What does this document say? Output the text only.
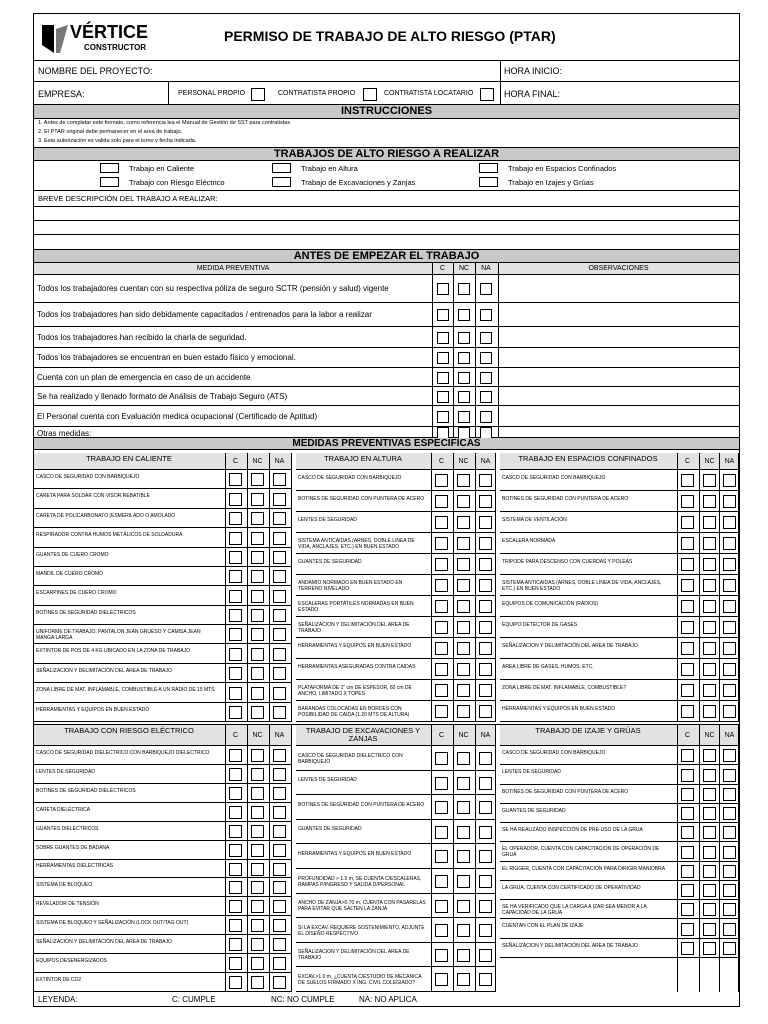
VÉRTICE
CONSTRUCTOR
PERMISO DE TRABAJO DE ALTO RIESGO (PTAR)
NOMBRE DEL PROYECTO:	HORA INICIO:
EMPRESA:	PERSONAL PROPIO	CONTRATISTA PROPIO	CONTRATISTA LOCATARIO	HORA FINAL:
INSTRUCCIONES
1. Antes de completar este formato, como referencia lea el Manual de Gestión de SST para contratistas
2. El PTAR original debe permanecer en el area de trabajo.
3. Esta autorización es valida solo para el turno y fecha indicada.
TRABAJOS DE ALTO RIESGO A REALIZAR
Trabajo en Caliente	Trabajo en Altura	Trabajo en Espacios Confinados
Trabajo con Riesgo Eléctrico	Trabajo de Excavaciones y Zanjas	Trabajo en Izajes y Grúas
BREVE DESCRIPCIÓN DEL TRABAJO A REALIZAR:
ANTES DE EMPEZAR EL TRABAJO
MEDIDA PREVENTIVA	C	NC	NA	OBSERVACIONES
Todos los trabajadores cuentan con su respectiva póliza de seguro SCTR (pensión y salud) vigente
Todos los trabajadores han sido debidamente capacitados / entrenados para la labor a realizar
Todos los trabajadores han recibido la charla de seguridad.
Todos los trabajadores se encuentran en buen estado físico y emocional.
Cuenta con un plan de emergencia en caso de un accidente
Se ha realizado y llenado formato de Análisis de Trabajo Seguro (ATS)
El Personal cuenta con Evaluación medica ocupacional (Certificado de Aptitud)
Otras medidas:
MEDIDAS PREVENTIVAS ESPECIFICAS
TRABAJO EN CALIENTE	C	NC	NA
CASCO DE SEGURIDAD CON BARBIQUEJO
CARETA PARA SOLDAR CON VISOR REBATIBLE
CARETA DE POLICARBONATO (ESMERILADO O AMOLADO
RESPIRADOR CONTRA HUMOS METÁLICOS DE SOLDADURA
GUANTES DE CUERO CROMO
MANDIL DE CUERO CROMO
ESCARPINES DE CUERO CROMO
BOTINES DE SEGURIDAD DIELÉCTRICOS
UNIFORME DE TRABAJO: PANTALON JEAN GRUESO Y CAMISA JEAN MANGA LARGA
EXTINTOR DE POS DE 4 KG UBICADO EN LA ZONA DE TRABAJO
SEÑALIZACION Y DELIMITACIÓN DEL AREA DE TRABAJO
ZONA LIBRE DE MAT. INFLAMABLE, COMBUSTIBLE A UN RADIO DE 15 MTS
HERRAMIENTAS Y EQUIPOS EN BUEN ESTADO
TRABAJO EN ALTURA	C	NC	NA
CASCO DE SEGURIDAD CON BARBIQUEJO
BOTINES DE SEGURIDAD CON PUNTERA DE ACERO
LENTES DE SEGURIDAD
SISTEMA ANTICAIDAS (ARNES, DOBLE LINEA DE VIDA, ANCLAJES, ETC.) EN BUEN ESTADO
GUANTES DE SEGURIDAD
ANDAMIO NORMADO EN BUEN ESTADO EN TERRENO NIVELADO
ESCALERAS PORTATILES NORMADAS EN BUEN ESTADO
SEÑALIZACION Y DELIMITACIÓN DEL AREA DE TRABAJO
HERRAMIENTAS Y EQUIPOS EN BUEN ESTADO
HERRAMIENTAS ASEGURADAS CONTRA CAIDAS
PLATAFORMA DE 1" cm DE ESPESOR, 60 cm DE ANCHO, LIMITADO X TOPES
BARANDAS COLOCADAS EN BORDES CON POSIBILIDAD DE CAIDA (1.20 MTS DE ALTURA)
TRABAJO EN ESPACIOS CONFINADOS	C	NC	NA
CASCO DE SEGURIDAD CON BARBIQUEJO
BOTINES DE SEGURIDAD CON PUNTERA DE ACERO
SISTEMA DE VENTILACIÓN
ESCALERA NORMADA
TRIPODE PARA DESCENSO CON CUERDAS Y POLEAS
SISTEMA ANTICAIDAS (ARNES, DOBLE LINEA DE VIDA, ANCLAJES, ETC.) EN BUEN ESTADO
EQUIPOS DE COMUNICACIÓN (RADIOS)
EQUIPO DETECTOR DE GASES
SEÑALIZACION Y DELIMITACIÓN DEL AREA DE TRABAJO
AREA LIBRE DE GASES, HUMOS, ETC.
ZONA LIBRE DE MAT. INFLAMABLE, COMBUSTIBLE?
HERRAMIENTAS Y EQUIPOS EN BUEN ESTADO
TRABAJO CON RIESGO ELÉCTRICO	C	NC	NA
CASCO DE SEGURIDAD DIELECTRICO CON BARBIQUEJO DIELECTRICO
LENTES DE SEGURIDAD
BOTINES DE SEGURIDAD DIELÉCTRICOS
CARETA DIELÉCTRICA
GUANTES DIELÉCTRICOS
SOBRE GUANTES DE BADANA
HERRAMIENTAS DIELÉCTRICAS
SISTEMA DE BLOQUEO
REVELADOR DE TENSIÓN
SISTEMA DE BLOQUEO Y SEÑALIZACIÓN (LOCK OUT/TAG OUT)
SEÑALIZACION Y DELIMITACIÓN DEL AREA DE TRABAJO
EQUIPOS DESENERGIZADOS
EXTINTOR DE CO2
TRABAJO DE EXCAVACIONES Y ZANJAS	C	NC	NA
CASCO DE SEGURIDAD DIELECTRICO CON BARBIQUEJO
LENTES DE SEGURIDAD
BOTINES DE SEGURIDAD CON PUNTERA DE ACERO
GUANTES DE SEGURIDAD
HERRAMIENTAS Y EQUIPOS EN BUEN ESTADO
PROFUNDIDAD > 1.5 m, SE CUENTA C/ESCALERAS, RAMPAS P/INGRESO Y SALIDA D/PERSONAL
ANCHO DE ZANJA>0.70 m, CUENTA CON PASARELAS PARA EVITAR QUE SALTEN LA ZANJA
SI LA EXCAV. REQUIERE SOSTENIMIENTO, ADJUNTE EL DISEÑO RESPECTIVO
SEÑALIZACION Y DELIMITACIÓN DEL AREA DE TRABAJO
EXCAV.>1.0 m, ¿CUENTA C/ESTUDIO DE MECANICA DE SUELOS FIRMADO X ING. CIVIL COLEGIADO?
TRABAJO DE IZAJE Y GRÚAS	C	NC	NA
CASCO DE SEGURIDAD CON BARBIQUEJO
LENTES DE SEGURIDAD
BOTINES DE SEGURIDAD CON PUNTERA DE ACERO
GUANTES DE SEGURIDAD
SE HA REALIZADO INSPECCIÓN DE PRE-USO DE LA GRUA
EL OPERADOR, CUENTA CON CAPACITACION DE OPERACIÓN DE GRUA
EL RIGGER, CUENTA CON CAPACITACION PARA DIRIGIR MANIOBRA
LA GRUA, CUENTA CON CERTIFICADO DE OPERATIVIDAD
SE HA VERIFICADO QUE LA CARGA A IZAR SEA MENOR A LA CAPACIDAD DE LA GRUA
CUENTAN CON EL PLAN DE IZAJE
SEÑALIZACION Y DELIMITACIÓN DEL AREA DE TRABAJO
LEYENDA:	C: CUMPLE	NC: NO CUMPLE	NA: NO APLICA
